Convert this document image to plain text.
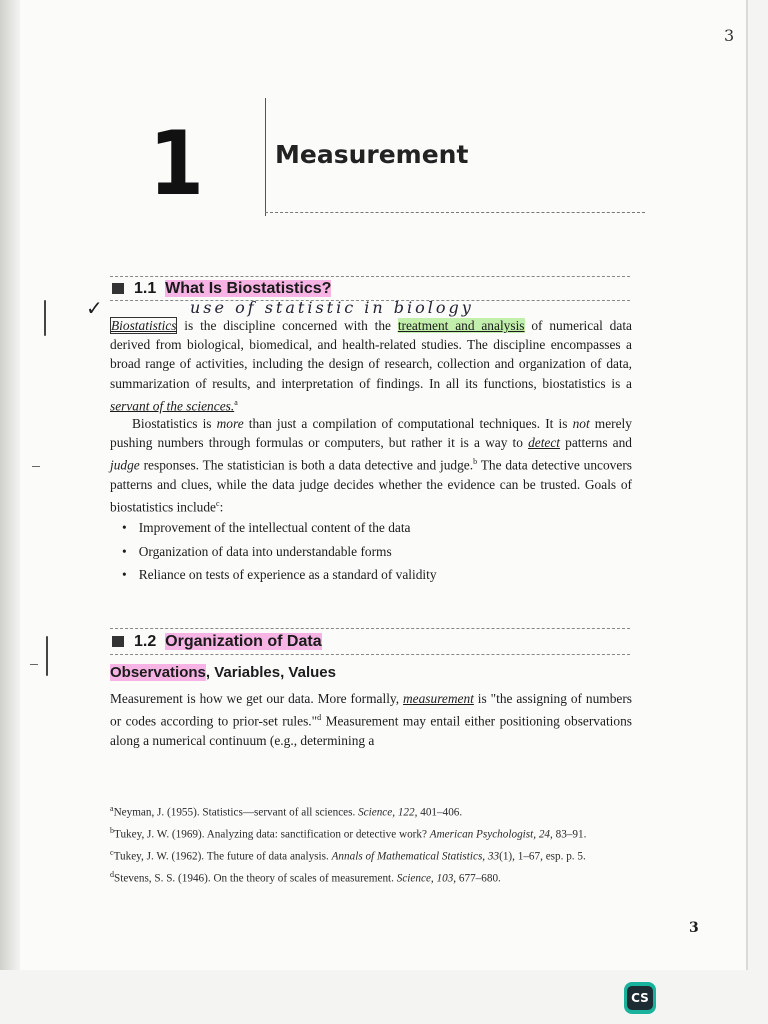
3
1	Measurement
1.1 What Is Biostatistics?
✓	use of statistic in biology

Biostatistics is the discipline concerned with the treatment and analysis of numerical data derived from biological, biomedical, and health-related studies. The discipline encompasses a broad range of activities, including the design of research, collection and organization of data, summarization of results, and interpretation of findings. In all its functions, biostatistics is a servant of the sciences.$^a$

Biostatistics is more than just a compilation of computational techniques. It is not merely pushing numbers through formulas or computers, but rather it is a way to detect patterns and judge responses. The statistician is both a data detective and judge.$^b$ The data detective uncovers patterns and clues, while the data judge decides whether the evidence can be trusted. Goals of biostatistics include$^c$:

• Improvement of the intellectual content of the data
• Organization of data into understandable forms
• Reliance on tests of experience as a standard of validity
1.2 Organization of Data
Observations, Variables, Values

Measurement is how we get our data. More formally, measurement is "the assigning of numbers or codes according to prior-set rules."$^d$ Measurement may entail either positioning observations along a numerical continuum (e.g., determining a

$^a$Neyman, J. (1955). Statistics—servant of all sciences. Science, 122, 401–406.

$^b$Tukey, J. W. (1969). Analyzing data: sanctification or detective work? American Psychologist, 24, 83–91.

$^c$Tukey, J. W. (1962). The future of data analysis. Annals of Mathematical Statistics, 33(1), 1–67, esp. p. 5.

$^d$Stevens, S. S. (1946). On the theory of scales of measurement. Science, 103, 677–680.

3
CS
